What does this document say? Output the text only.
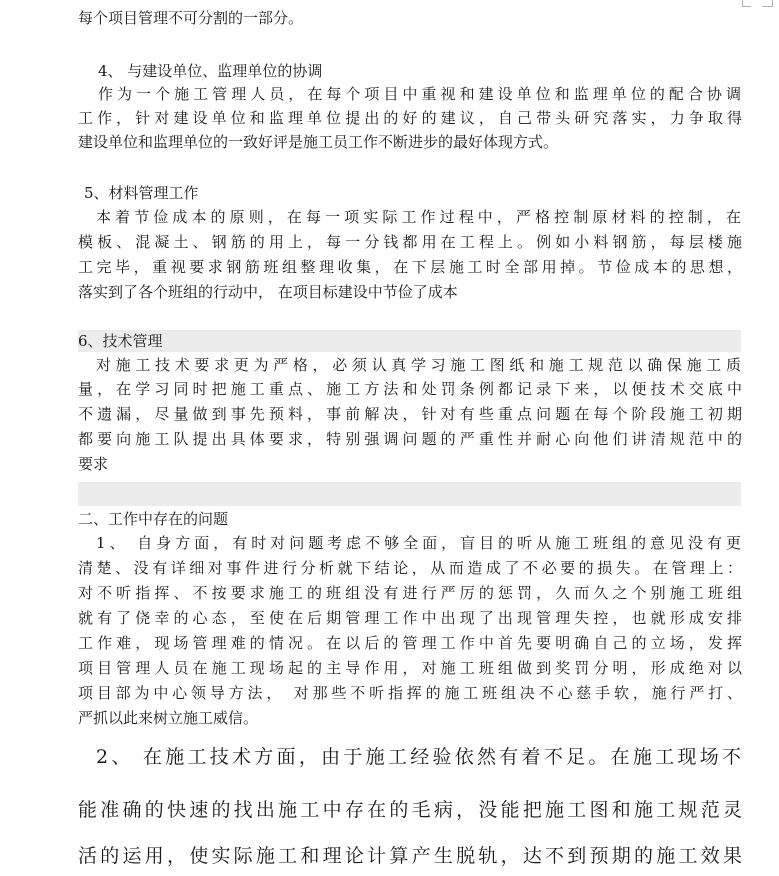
每个项目管理不可分割的一部分。
4、 与建设单位、监理单位的协调
作为一个施工管理人员，在每个项目中重视和建设单位和监理单位的配合协调
工作，针对建设单位和监理单位提出的好的建议，自己带头研究落实，力争取得
建设单位和监理单位的一致好评是施工员工作不断进步的最好体现方式。
5、材料管理工作
本着节俭成本的原则，在每一项实际工作过程中，严格控制原材料的控制，在
模板、混凝土、钢筋的用上，每一分钱都用在工程上。例如小料钢筋，每层楼施
工完毕，重视要求钢筋班组整理收集，在下层施工时全部用掉。节俭成本的思想，
落实到了各个班组的行动中， 在项目标建设中节俭了成本
6、技术管理
对施工技术要求更为严格，必须认真学习施工图纸和施工规范以确保施工质
量，在学习同时把施工重点、施工方法和处罚条例都记录下来，以便技术交底中
不遗漏，尽量做到事先预料，事前解决，针对有些重点问题在每个阶段施工初期
都要向施工队提出具体要求，特别强调问题的严重性并耐心向他们讲清规范中的
要求
二、工作中存在的问题
1、 自身方面，有时对问题考虑不够全面，盲目的听从施工班组的意见没有更
清楚、没有详细对事件进行分析就下结论，从而造成了不必要的损失。在管理上：
对不听指挥、不按要求施工的班组没有进行严厉的惩罚，久而久之个别施工班组
就有了侥幸的心态，至使在后期管理工作中出现了出现管理失控，也就形成安排
工作难，现场管理难的情况。在以后的管理工作中首先要明确自己的立场，发挥
项目管理人员在施工现场起的主导作用，对施工班组做到奖罚分明，形成绝对以
项目部为中心领导方法， 对那些不听指挥的施工班组决不心慈手软，施行严打、
严抓以此来树立施工威信。
2、 在施工技术方面，由于施工经验依然有着不足。在施工现场不
能准确的快速的找出施工中存在的毛病，没能把施工图和施工规范灵
活的运用，使实际施工和理论计算产生脱轨，达不到预期的施工效果
